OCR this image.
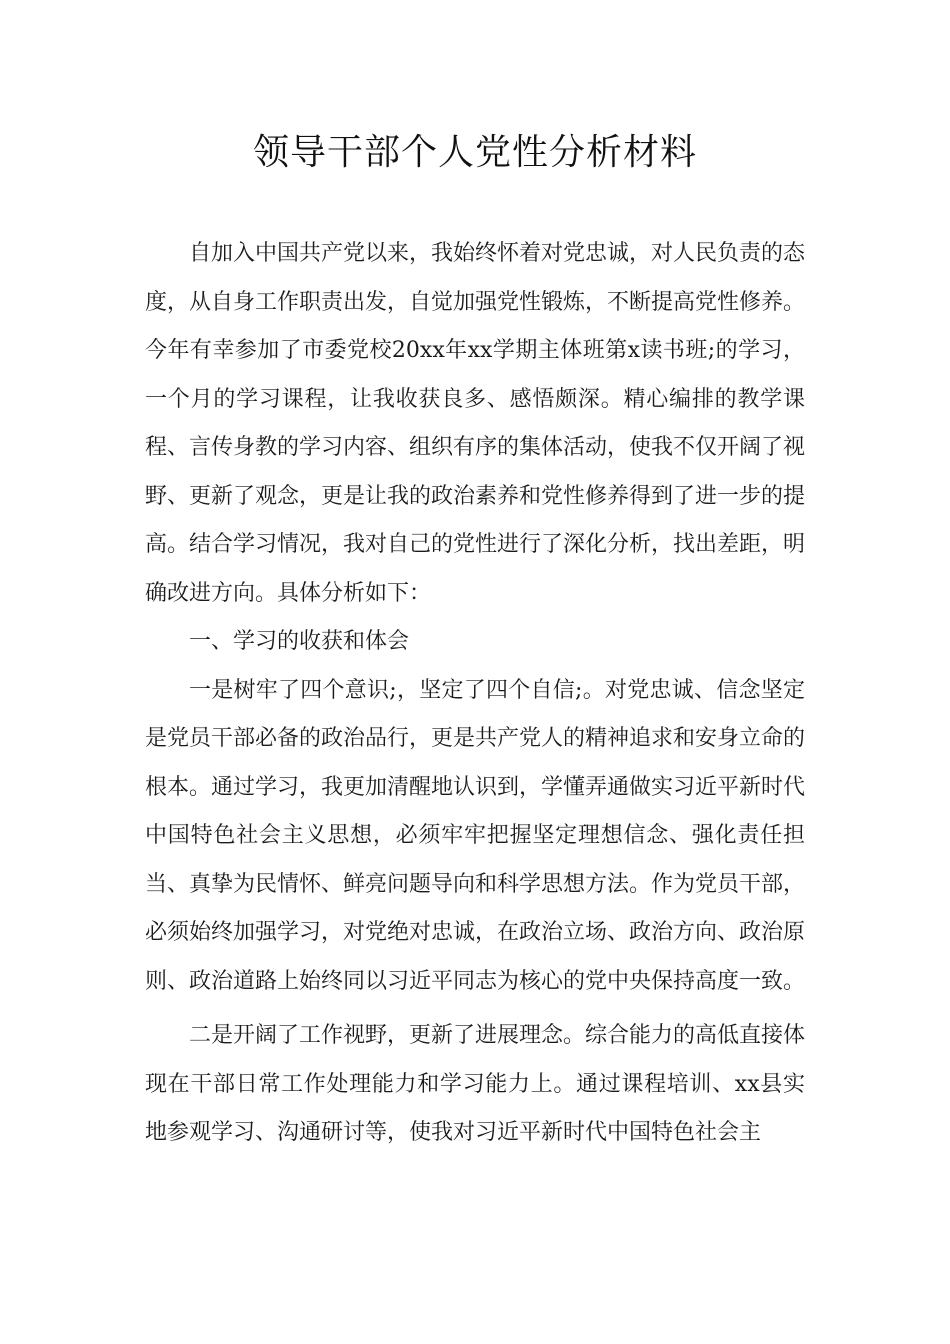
领导干部个人党性分析材料

自加入中国共产党以来，我始终怀着对党忠诚，对人民负责的态度，从自身工作职责出发，自觉加强党性锻炼，不断提高党性修养。今年有幸参加了市委党校20xx年xx学期主体班第x读书班;的学习，一个月的学习课程，让我收获良多、感悟颇深。精心编排的教学课程、言传身教的学习内容、组织有序的集体活动，使我不仅开阔了视野、更新了观念，更是让我的政治素养和党性修养得到了进一步的提高。结合学习情况，我对自己的党性进行了深化分析，找出差距，明确改进方向。具体分析如下：

一、学习的收获和体会

一是树牢了四个意识;，坚定了四个自信;。对党忠诚、信念坚定是党员干部必备的政治品行，更是共产党人的精神追求和安身立命的根本。通过学习，我更加清醒地认识到，学懂弄通做实习近平新时代中国特色社会主义思想，必须牢牢把握坚定理想信念、强化责任担当、真挚为民情怀、鲜亮问题导向和科学思想方法。作为党员干部，必须始终加强学习，对党绝对忠诚，在政治立场、政治方向、政治原则、政治道路上始终同以习近平同志为核心的党中央保持高度一致。

二是开阔了工作视野，更新了进展理念。综合能力的高低直接体现在干部日常工作处理能力和学习能力上。通过课程培训、xx县实地参观学习、沟通研讨等，使我对习近平新时代中国特色社会主
